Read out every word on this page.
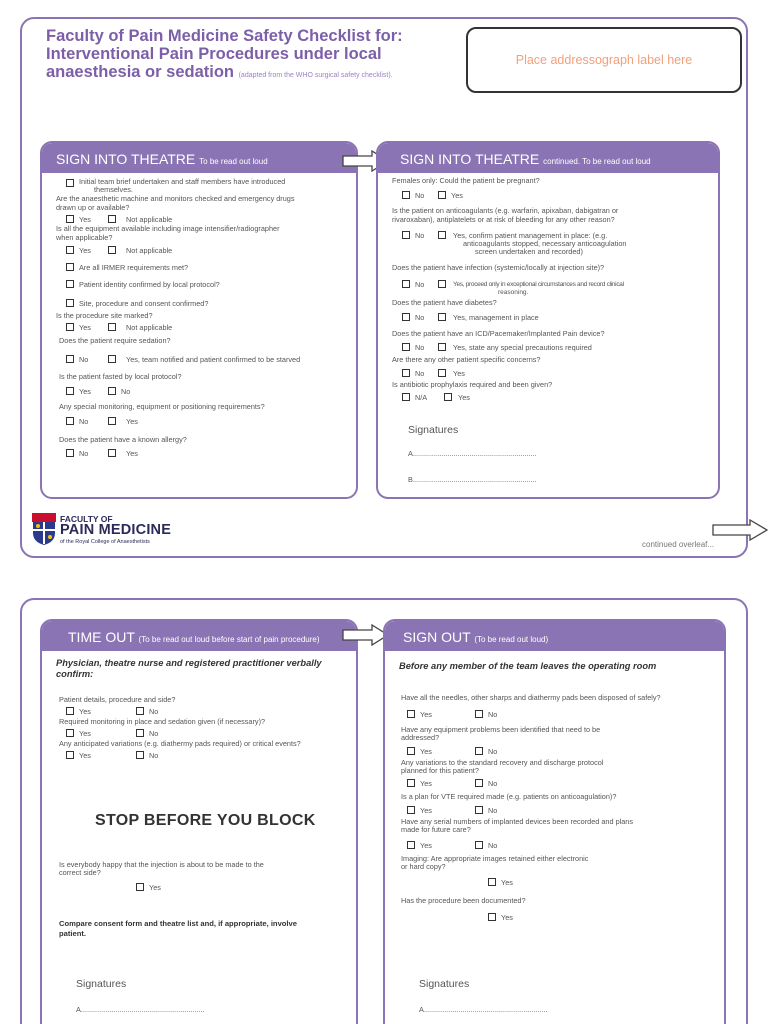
Faculty of Pain Medicine Safety Checklist for:
Interventional Pain Procedures under local
anaesthesia or sedation (adapted from the WHO surgical safety checklist).
Place addressograph label here
SIGN INTO THEATRE To be read out loud
Initial team brief undertaken and staff members have introduced
themselves.
Are the anaesthetic machine and monitors checked and emergency drugs
drawn up or available?
Yes	Not applicable
Is all the equipment available including image intensifier/radiographer
when applicable?
Yes	Not applicable
Are all IRMER requirements met?
Patient identity confirmed by local protocol?
Site, procedure and consent confirmed?
Is the procedure site marked?
Yes	Not applicable
Does the patient require sedation?
No	Yes, team notified and patient confirmed to be starved
Is the patient fasted by local protocol?
Yes	No
Any special monitoring, equipment or positioning requirements?
No	Yes
Does the patient have a known allergy?
No	Yes
SIGN INTO THEATRE continued. To be read out loud
Females only: Could the patient be pregnant?
No	Yes
Is the patient on anticoagulants (e.g. warfarin, apixaban, dabigatran or
rivaroxaban), antiplatelets or at risk of bleeding for any other reason?
No	Yes, confirm patient management in place: (e.g.
anticoagulants stopped, necessary anticoagulation
screen undertaken and recorded)
Does the patient have infection (systemic/locally at injection site)?
No	Yes, proceed only in exceptional circumstances and record clinical
reasoning.
Does the patient have diabetes?
No	Yes, management in place
Does the patient have an ICD/Pacemaker/Implanted Pain device?
No	Yes, state any special precautions required
Are there any other patient specific concerns?
No	Yes
Is antibiotic prophylaxis required and been given?
N/A	Yes
Signatures
A.............................................................
B.............................................................
FACULTY OF
PAIN MEDICINE
of the Royal College of Anaesthetists	continued overleaf...
TIME OUT (To be read out loud before start of pain procedure)
Physician, theatre nurse and registered practitioner verbally
confirm:
Patient details, procedure and side?
Yes	No
Required monitoring in place and sedation given (if necessary)?
Yes	No
Any anticipated variations (e.g. diathermy pads required) or critical events?
Yes	No
STOP BEFORE YOU BLOCK
Is everybody happy that the injection is about to be made to the
correct side?
Yes
Compare consent form and theatre list and, if appropriate, involve
patient.
Signatures
A.............................................................
SIGN OUT (To be read out loud)
Before any member of the team leaves the operating room
Have all the needles, other sharps and diathermy pads been disposed of safely?
Yes	No
Have any equipment problems been identified that need to be
addressed?
Yes	No
Any variations to the standard recovery and discharge protocol
planned for this patient?
Yes	No
Is a plan for VTE required made (e.g. patients on anticoagulation)?
Yes	No
Have any serial numbers of implanted devices been recorded and plans
made for future care?
Yes	No
Imaging: Are appropriate images retained either electronic
or hard copy?
Yes
Has the procedure been documented?
Yes
Signatures
A.............................................................
